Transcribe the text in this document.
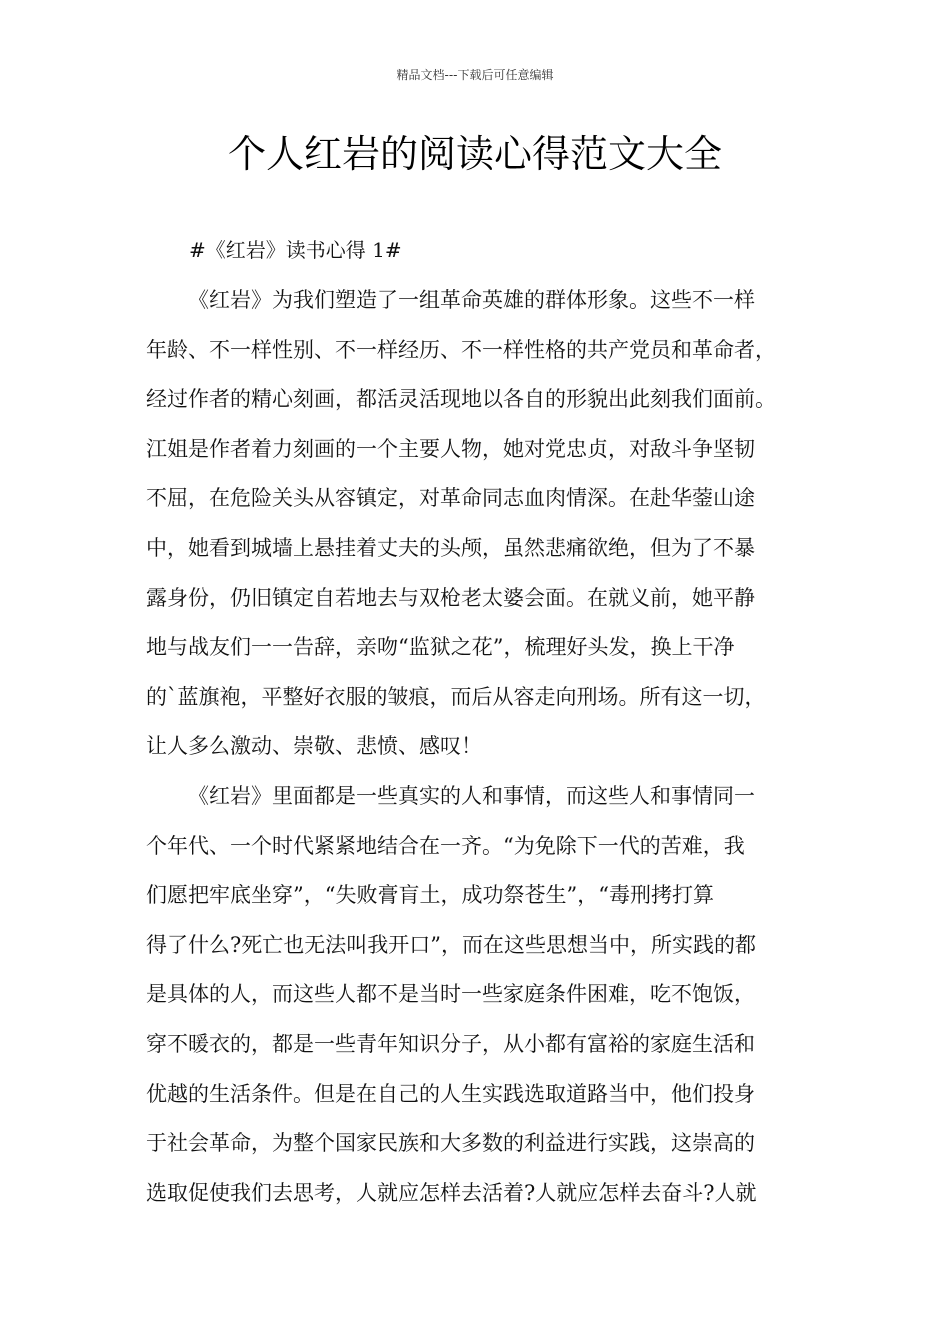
精品文档---下载后可任意编辑
个人红岩的阅读心得范文大全
#《红岩》读书心得 1#
《红岩》为我们塑造了一组革命英雄的群体形象。这些不一样
年龄、不一样性别、不一样经历、不一样性格的共产党员和革命者，
经过作者的精心刻画，都活灵活现地以各自的形貌出此刻我们面前。
江姐是作者着力刻画的一个主要人物，她对党忠贞，对敌斗争坚韧
不屈，在危险关头从容镇定，对革命同志血肉情深。在赴华蓥山途
中，她看到城墙上悬挂着丈夫的头颅，虽然悲痛欲绝，但为了不暴
露身份，仍旧镇定自若地去与双枪老太婆会面。在就义前，她平静
地与战友们一一告辞，亲吻“监狱之花”，梳理好头发，换上干净
的`蓝旗袍，平整好衣服的皱痕，而后从容走向刑场。所有这一切，
让人多么激动、崇敬、悲愤、感叹！
《红岩》里面都是一些真实的人和事情，而这些人和事情同一
个年代、一个时代紧紧地结合在一齐。“为免除下一代的苦难，我
们愿把牢底坐穿”，“失败膏肓土，成功祭苍生”，“毒刑拷打算
得了什么?死亡也无法叫我开口”，而在这些思想当中，所实践的都
是具体的人，而这些人都不是当时一些家庭条件困难，吃不饱饭，
穿不暖衣的，都是一些青年知识分子，从小都有富裕的家庭生活和
优越的生活条件。但是在自己的人生实践选取道路当中，他们投身
于社会革命，为整个国家民族和大多数的利益进行实践，这崇高的
选取促使我们去思考，人就应怎样去活着?人就应怎样去奋斗?人就
